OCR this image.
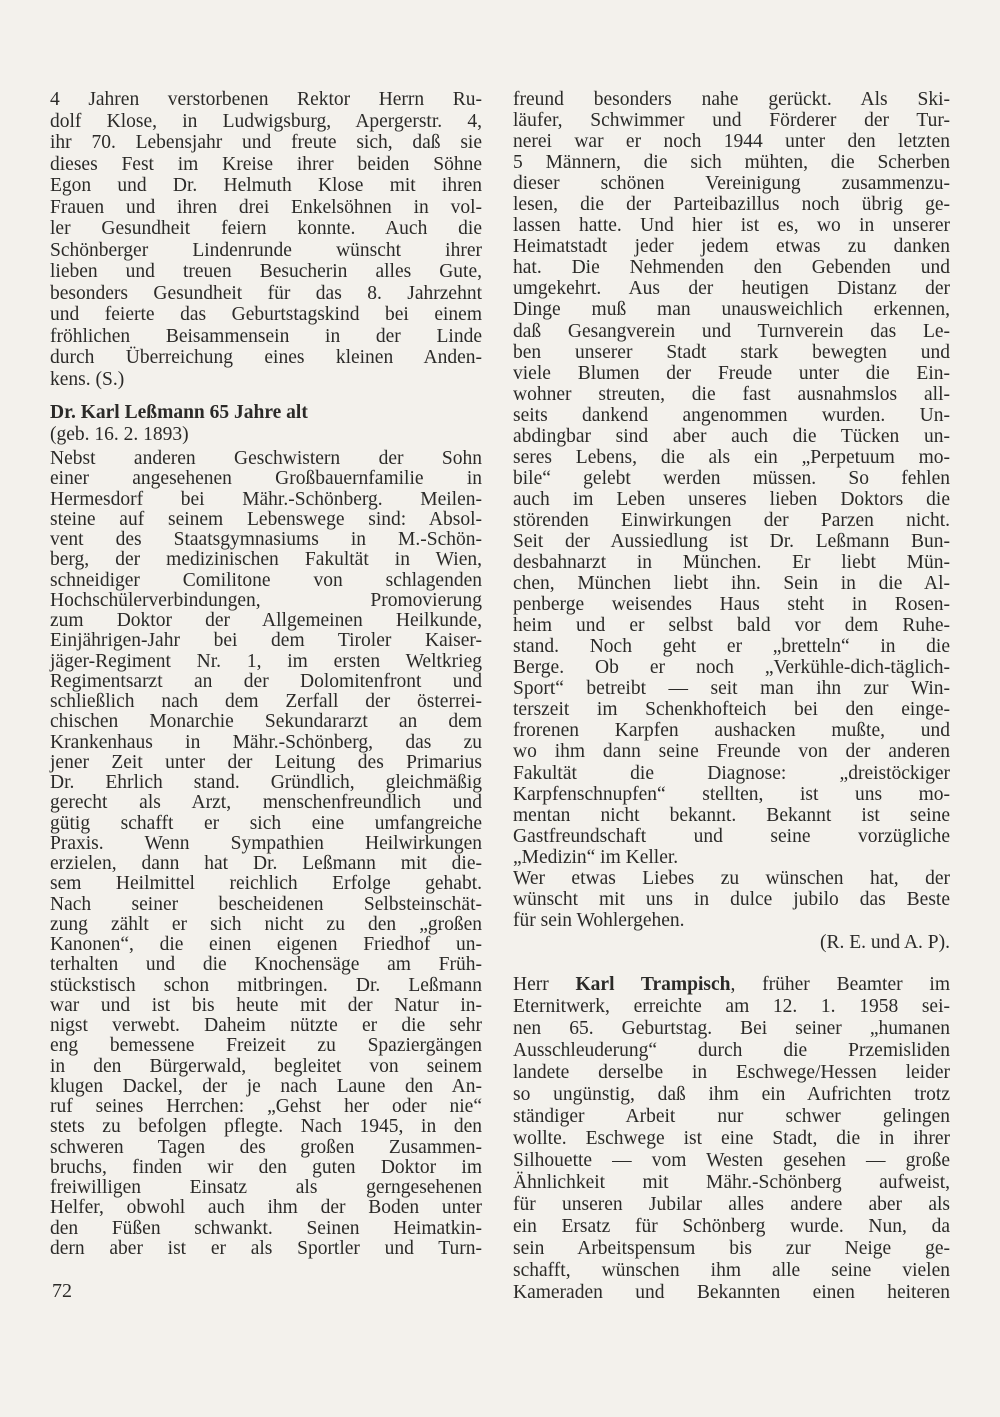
4 Jahren verstorbenen Rektor Herrn Ru-
dolf Klose, in Ludwigsburg, Apergerstr. 4,
ihr 70. Lebensjahr und freute sich, daß sie
dieses Fest im Kreise ihrer beiden Söhne
Egon und Dr. Helmuth Klose mit ihren
Frauen und ihren drei Enkelsöhnen in vol-
ler Gesundheit feiern konnte. Auch die
Schönberger Lindenrunde wünscht ihrer
lieben und treuen Besucherin alles Gute,
besonders Gesundheit für das 8. Jahrzehnt
und feierte das Geburtstagskind bei einem
fröhlichen Beisammensein in der Linde
durch Überreichung eines kleinen Anden-
kens. (S.)
Dr. Karl Leßmann 65 Jahre alt
(geb. 16. 2. 1893)
Nebst anderen Geschwistern der Sohn
einer angesehenen Großbauernfamilie in
Hermesdorf bei Mähr.-Schönberg. Meilen-
steine auf seinem Lebenswege sind: Absol-
vent des Staatsgymnasiums in M.-Schön-
berg, der medizinischen Fakultät in Wien,
schneidiger Comilitone von schlagenden
Hochschülerverbindungen, Promovierung
zum Doktor der Allgemeinen Heilkunde,
Einjährigen-Jahr bei dem Tiroler Kaiser-
jäger-Regiment Nr. 1, im ersten Weltkrieg
Regimentsarzt an der Dolomitenfront und
schließlich nach dem Zerfall der österrei-
chischen Monarchie Sekundararzt an dem
Krankenhaus in Mähr.-Schönberg, das zu
jener Zeit unter der Leitung des Primarius
Dr. Ehrlich stand. Gründlich, gleichmäßig
gerecht als Arzt, menschenfreundlich und
gütig schafft er sich eine umfangreiche
Praxis. Wenn Sympathien Heilwirkungen
erzielen, dann hat Dr. Leßmann mit die-
sem Heilmittel reichlich Erfolge gehabt.
Nach seiner bescheidenen Selbsteinschät-
zung zählt er sich nicht zu den „großen
Kanonen“, die einen eigenen Friedhof un-
terhalten und die Knochensäge am Früh-
stückstisch schon mitbringen. Dr. Leßmann
war und ist bis heute mit der Natur in-
nigst verwebt. Daheim nützte er die sehr
eng bemessene Freizeit zu Spaziergängen
in den Bürgerwald, begleitet von seinem
klugen Dackel, der je nach Laune den An-
ruf seines Herrchen: „Gehst her oder nie“
stets zu befolgen pflegte. Nach 1945, in den
schweren Tagen des großen Zusammen-
bruchs, finden wir den guten Doktor im
freiwilligen Einsatz als gerngesehenen
Helfer, obwohl auch ihm der Boden unter
den Füßen schwankt. Seinen Heimatkin-
dern aber ist er als Sportler und Turn-
freund besonders nahe gerückt. Als Ski-
läufer, Schwimmer und Förderer der Tur-
nerei war er noch 1944 unter den letzten
5 Männern, die sich mühten, die Scherben
dieser schönen Vereinigung zusammenzu-
lesen, die der Parteibazillus noch übrig ge-
lassen hatte. Und hier ist es, wo in unserer
Heimatstadt jeder jedem etwas zu danken
hat. Die Nehmenden den Gebenden und
umgekehrt. Aus der heutigen Distanz der
Dinge muß man unausweichlich erkennen,
daß Gesangverein und Turnverein das Le-
ben unserer Stadt stark bewegten und
viele Blumen der Freude unter die Ein-
wohner streuten, die fast ausnahmslos all-
seits dankend angenommen wurden. Un-
abdingbar sind aber auch die Tücken un-
seres Lebens, die als ein „Perpetuum mo-
bile“ gelebt werden müssen. So fehlen
auch im Leben unseres lieben Doktors die
störenden Einwirkungen der Parzen nicht.
Seit der Aussiedlung ist Dr. Leßmann Bun-
desbahnarzt in München. Er liebt Mün-
chen, München liebt ihn. Sein in die Al-
penberge weisendes Haus steht in Rosen-
heim und er selbst bald vor dem Ruhe-
stand. Noch geht er „bretteln“ in die
Berge. Ob er noch „Verkühle-dich-täglich-
Sport“ betreibt — seit man ihn zur Win-
terszeit im Schenkhofteich bei den einge-
frorenen Karpfen aushacken mußte, und
wo ihm dann seine Freunde von der anderen
Fakultät die Diagnose: „dreistöckiger
Karpfenschnupfen“ stellten, ist uns mo-
mentan nicht bekannt. Bekannt ist seine
Gastfreundschaft und seine vorzügliche
„Medizin“ im Keller.
Wer etwas Liebes zu wünschen hat, der
wünscht mit uns in dulce jubilo das Beste
für sein Wohlergehen.
(R. E. und A. P).
Herr Karl Trampisch, früher Beamter im
Eternitwerk, erreichte am 12. 1. 1958 sei-
nen 65. Geburtstag. Bei seiner „humanen
Ausschleuderung“ durch die Przemisliden
landete derselbe in Eschwege/Hessen leider
so ungünstig, daß ihm ein Aufrichten trotz
ständiger Arbeit nur schwer gelingen
wollte. Eschwege ist eine Stadt, die in ihrer
Silhouette — vom Westen gesehen — große
Ähnlichkeit mit Mähr.-Schönberg aufweist,
für unseren Jubilar alles andere aber als
ein Ersatz für Schönberg wurde. Nun, da
sein Arbeitspensum bis zur Neige ge-
schafft, wünschen ihm alle seine vielen
Kameraden und Bekannten einen heiteren
72
